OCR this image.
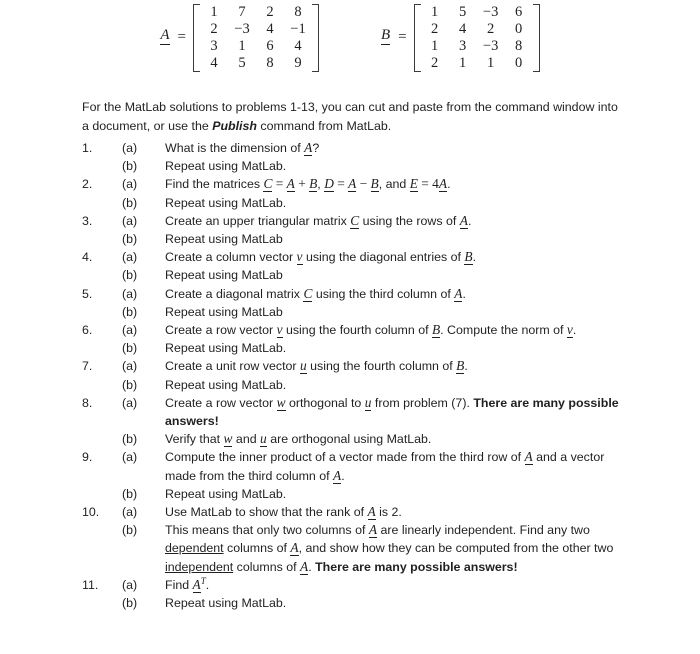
A =
1	7	2	8
2	−3	4	−1
3	1	6	4
4	5	8	9
B =
1	5	−3	6
2	4	2	0
1	3	−3	8
2	1	1	0

For the MatLab solutions to problems 1-13, you can cut and paste from the command window into a document, or use the Publish command from MatLab.

1.	(a)	What is the dimension of A?
(b)	Repeat using MatLab.
2.	(a)	Find the matrices C = A + B, D = A − B, and E = 4A.
(b)	Repeat using MatLab.
3.	(a)	Create an upper triangular matrix C using the rows of A.
(b)	Repeat using MatLab
4.	(a)	Create a column vector v using the diagonal entries of B.
(b)	Repeat using MatLab
5.	(a)	Create a diagonal matrix C using the third column of A.
(b)	Repeat using MatLab
6.	(a)	Create a row vector v using the fourth column of B. Compute the norm of v.
(b)	Repeat using MatLab.
7.	(a)	Create a unit row vector u using the fourth column of B.
(b)	Repeat using MatLab.
8.	(a)	Create a row vector w orthogonal to u from problem (7). There are many possible answers!
(b)	Verify that w and u are orthogonal using MatLab.
9.	(a)	Compute the inner product of a vector made from the third row of A and a vector made from the third column of A.
(b)	Repeat using MatLab.
10.	(a)	Use MatLab to show that the rank of A is 2.
(b)	This means that only two columns of A are linearly independent. Find any two dependent columns of A, and show how they can be computed from the other two independent columns of A. There are many possible answers!
11.	(a)	Find $A^T$.
(b)	Repeat using MatLab.
